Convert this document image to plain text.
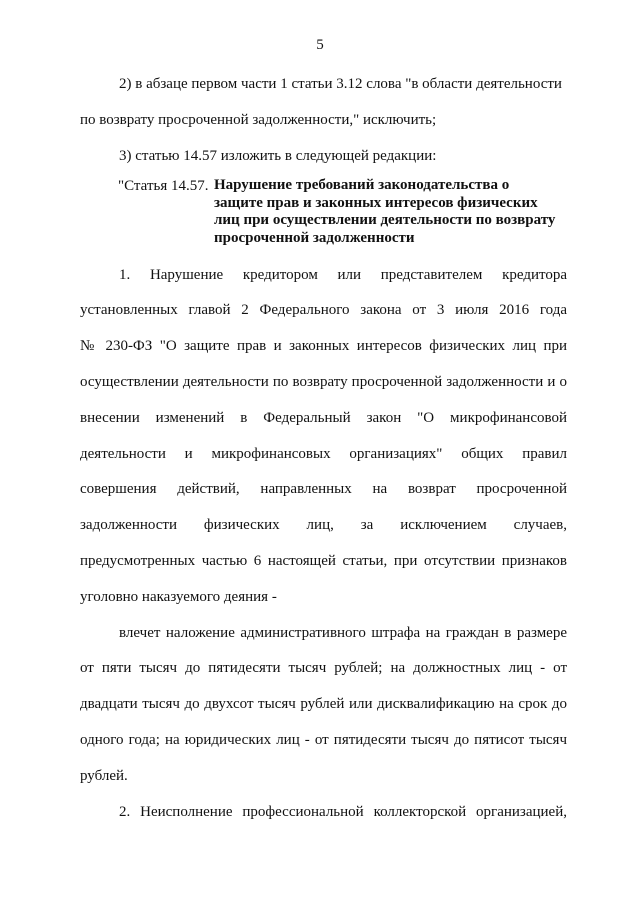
5
2) в абзаце первом части 1 статьи 3.12 слова "в области деятельности
по возврату просроченной задолженности," исключить;
3) статью 14.57 изложить в следующей редакции:
"Статья 14.57. Нарушение требований законодательства о
защите прав и законных интересов физических
лиц при осуществлении деятельности по возврату
просроченной задолженности
1.   Нарушение   кредитором   или   представителем   кредитора
установленных главой 2 Федерального закона от 3 июля 2016 года
№ 230-ФЗ "О защите прав и законных интересов физических лиц при
осуществлении деятельности по возврату просроченной задолженности и о
внесении изменений в Федеральный закон "О микрофинансовой
деятельности и микрофинансовых организациях" общих правил
совершения действий, направленных на возврат просроченной
задолженности физических лиц, за исключением случаев,
предусмотренных частью 6 настоящей статьи, при отсутствии признаков
уголовно наказуемого деяния -
влечет наложение административного штрафа на граждан в размере
от пяти тысяч до пятидесяти тысяч рублей; на должностных лиц - от
двадцати тысяч до двухсот тысяч рублей или дисквалификацию на срок до
одного года; на юридических лиц - от пятидесяти тысяч до пятисот тысяч
рублей.
2. Неисполнение профессиональной коллекторской организацией,
